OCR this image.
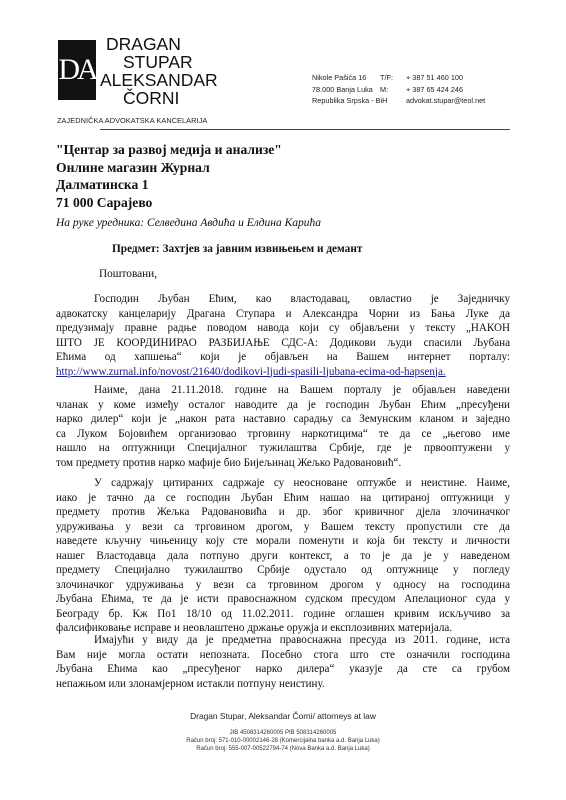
DA
DRAGAN
STUPAR
ALEKSANDAR
ČORNI
ZAJEDNIČKA ADVOKATSKA KANCELARIJA
Nikole Pašića 16
78.000 Banja Luka
Republika Srpska - BiH
T/F:	+ 387 51 460 100
M:	+ 387 65 424 246
advokat.stupar@teol.net
"Центар за развој медија и анализе"
Онлине магазин Журнал
Далматинска 1
71 000 Сарајево
На руке уредника: Селведина Авдића и Елдина Карића
Предмет: Захтјев за јавним извињењем и демант
Поштовани,
Господин Љубан Ећим, као властодавац, овластио је Заједничку
адвокатску канцеларију Драгана Ступара и Александра Чорни из Бања Луке да
предузимају правне радње поводом навода који су објављени у тексту „НАКОН
ШТО ЈЕ КООРДИНИРАО РАЗБИЈАЊЕ СДС-А: Додикови људи спасили Љубана
Ећима од хапшења“ који је објављен на Вашем интернет порталу:
http://www.zurnal.info/novost/21640/dodikovi-ljudi-spasili-ljubana-ecima-od-hapsenja.
Наиме, дана 21.11.2018. године на Вашем порталу је објављен наведени
чланак у коме између осталог наводите да је господин Љубан Ећим „пресуђени
нарко дилер“ који је „након рата наставио сарадњу са Земунским кланом и заједно
са Луком Бојовићем организовао трговину наркотицима“ те да се „његово име
нашло на оптужници Специјалног тужилаштва Србије, где је првооптужени у
том предмету против нарко мафије био Бијељинац Жељко Радовановић“.
У садржају цитираних садржаје су неосноване оптужбе и неистине. Наиме,
иако је тачно да се господин Љубан Ећим нашао на цитираној оптужници у
предмету против Жељка Радовановића и др. због кривичног дјела злочиначког
удруживања у вези са трговином дрогом, у Вашем тексту пропустили сте да
наведете кључну чињеницу коју сте морали поменути и која би тексту и личности
нашег Властодавца дала потпуно други контекст, а то је да је у наведеном
предмету Специјално тужилаштво Србије одустало од оптужнице у погледу
злочиначког удруживања у вези са трговином дрогом у односу на господина
Љубана Ећима, те да је исти правоснажном судском пресудом Апелационог суда у
Београду бр. Кж По1 18/10 од 11.02.2011. године оглашен кривим искључиво за
фалсификовање исправе и неовлаштено држање оружја и експлозивних материјала.
Имајући у виду да је предметна правоснажна пресуда из 2011. године, иста
Вам није могла остати непозната. Посебно стога што сте означили господина
Љубана Ећима као „пресуђеног нарко дилера“ указује да сте са грубом
непажњом или злонамјерном истакли потпуну неистину.
Dragan Stupar, Aleksandar Čorni/ attorneys at law
JIB 4508314260005 PIB 508314260005
Račun broj: 571-010-00002146-28 (Komercijalna banka a.d. Banja Luka)
Račun broj: 555-007-00522794-74 (Nova Banka a.d. Banja Luka)
